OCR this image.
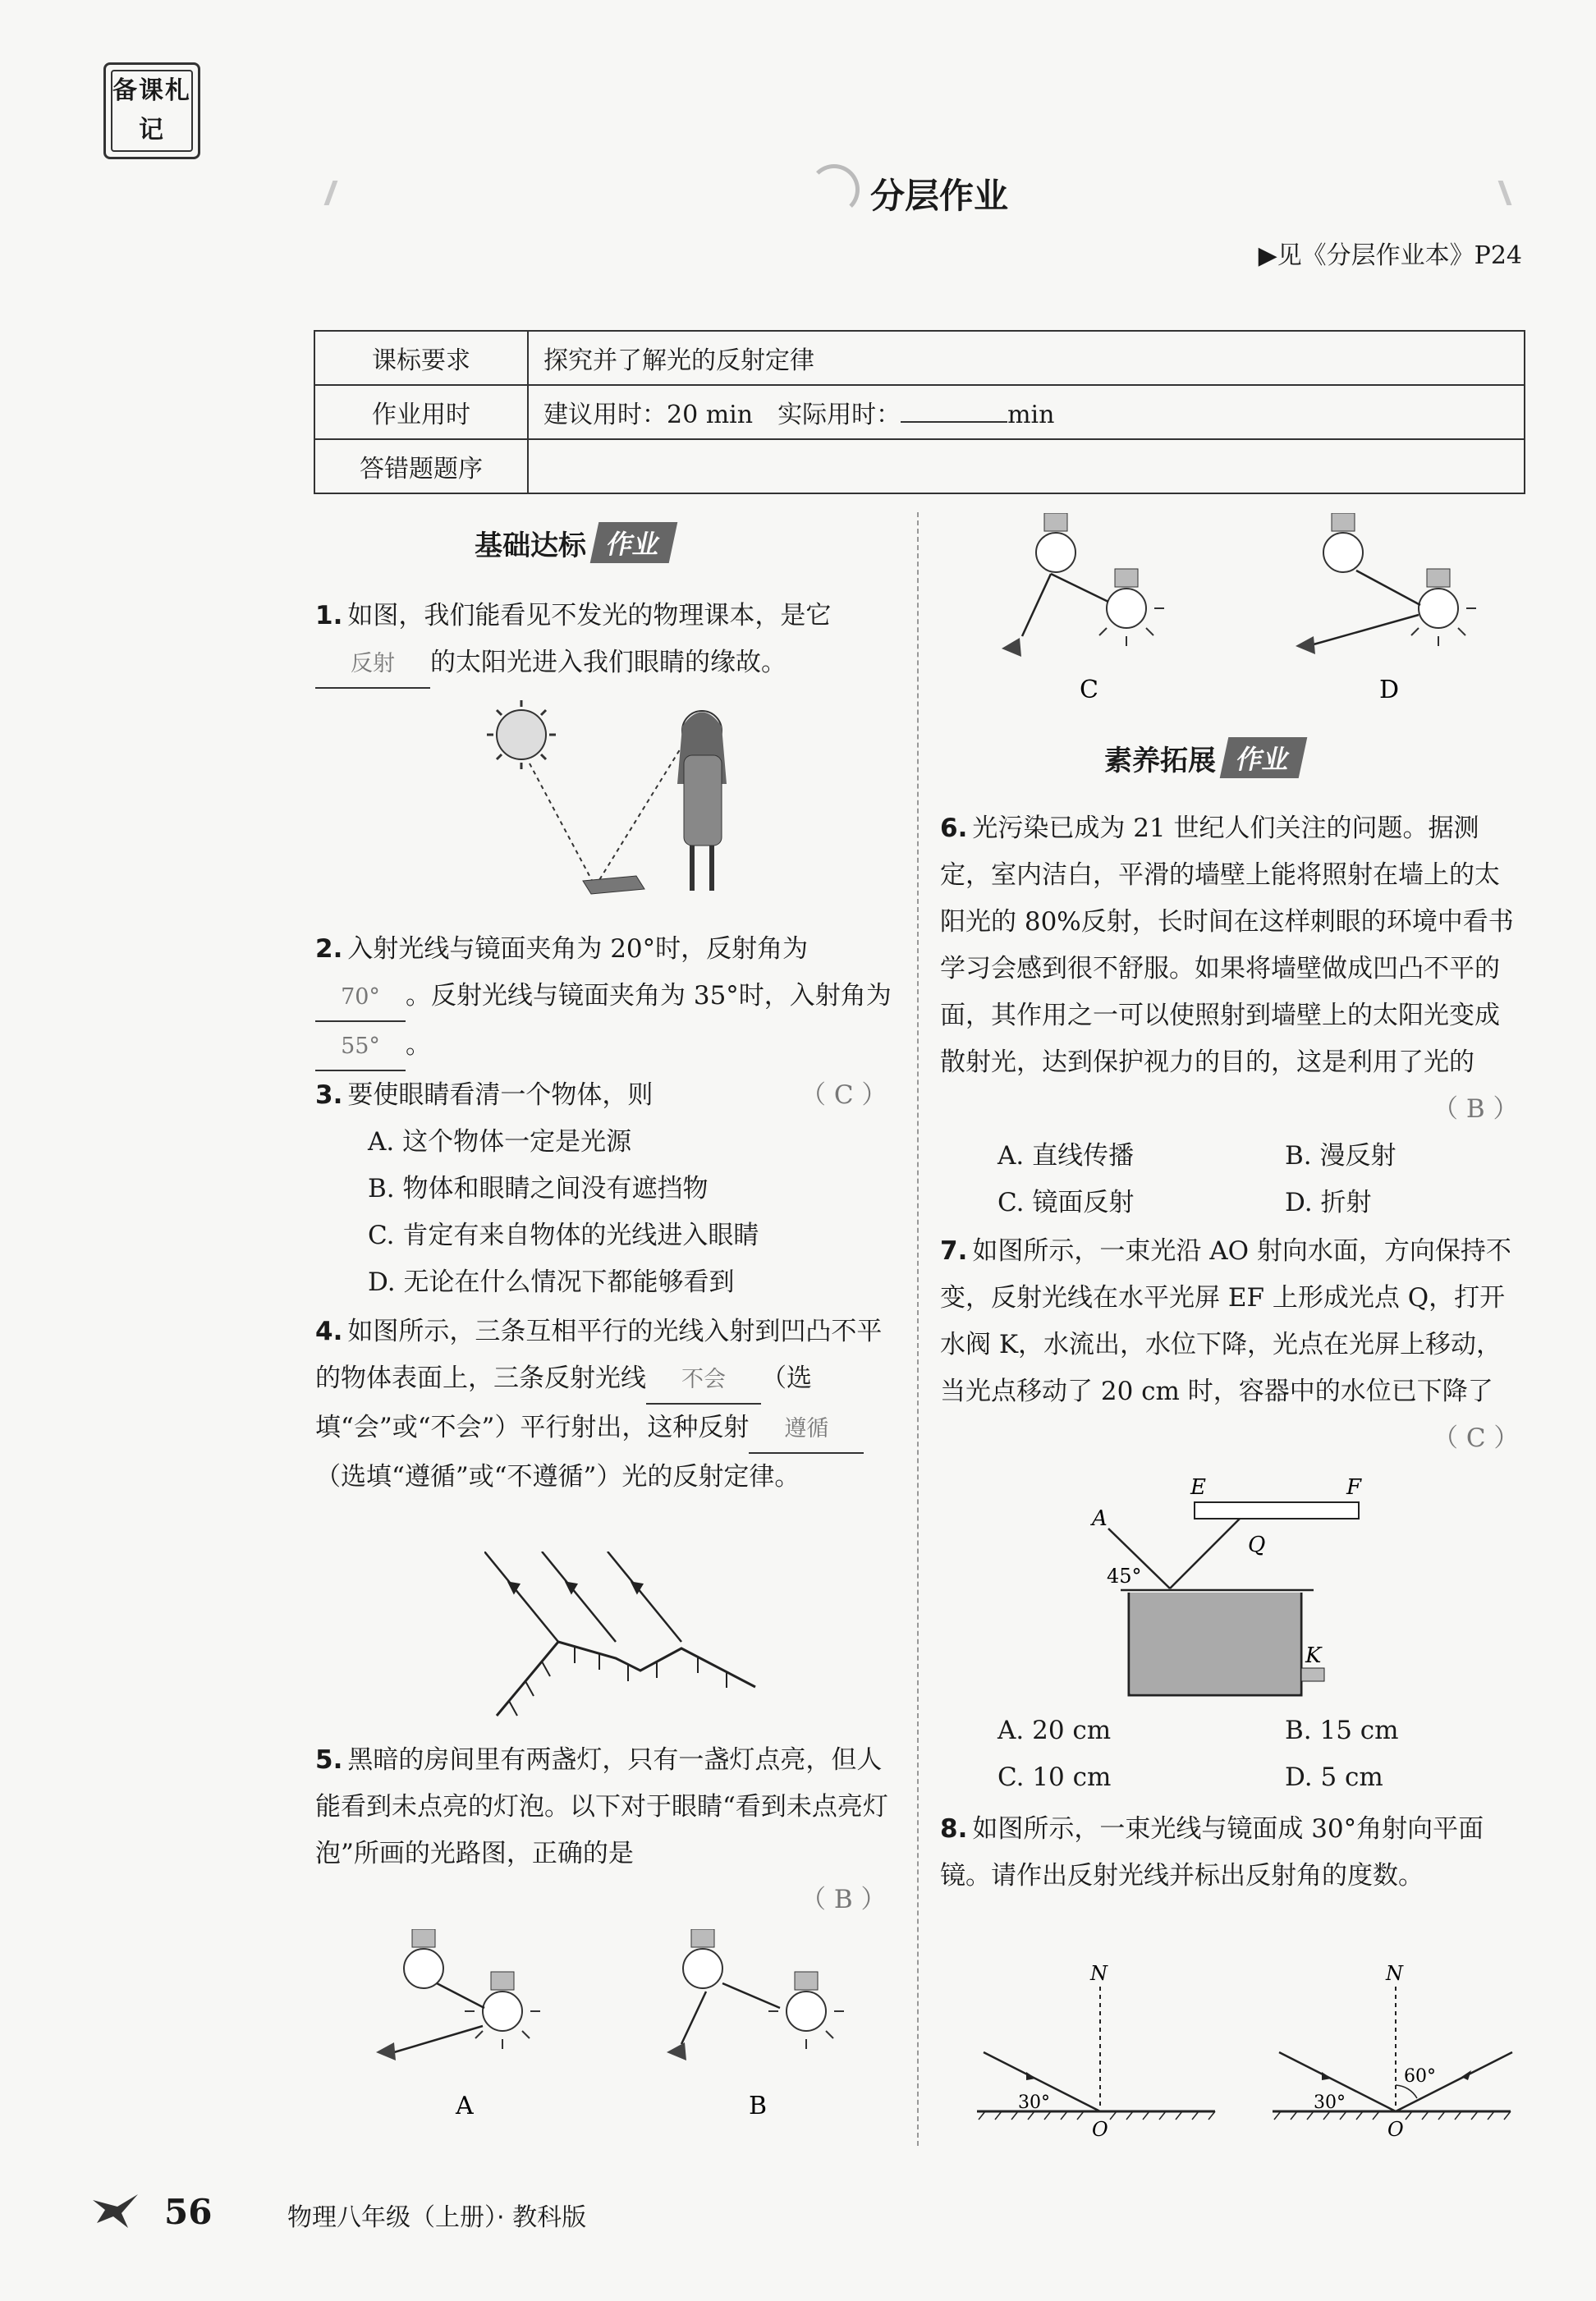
备 课 札
记
分层作业
▶见《分层作业本》P24
课标要求	探究并了解光的反射定律
作业用时	建议用时：20 min　实际用时： min
答错题题序	
基础达标 作业
1. 如图，我们能看见不发光的物理课本，是它反射 的太阳光进入我们眼睛的缘故。
2. 入射光线与镜面夹角为 20°时，反射角为70° 。反射光线与镜面夹角为 35°时，入射角为55° 。
3. 要使眼睛看清一个物体，则	（ C ）
A. 这个物体一定是光源
B. 物体和眼睛之间没有遮挡物
C. 肯定有来自物体的光线进入眼睛
D. 无论在什么情况下都能够看到
4. 如图所示，三条互相平行的光线入射到凹凸不平的物体表面上，三条反射光线 不会 （选填“会”或“不会”）平行射出，这种反射 遵循（选填“遵循”或“不遵循”）光的反射定律。
5. 黑暗的房间里有两盏灯，只有一盏灯点亮，但人能看到未点亮的灯泡。以下对于眼睛“看到未点亮灯泡”所画的光路图，正确的是
（ B ）
A	B
C	D
素养拓展 作业
6. 光污染已成为 21 世纪人们关注的问题。据测定，室内洁白，平滑的墙壁上能将照射在墙上的太阳光的 80%反射，长时间在这样刺眼的环境中看书学习会感到很不舒服。如果将墙壁做成凹凸不平的面，其作用之一可以使照射到墙壁上的太阳光变成散射光，达到保护视力的目的，这是利用了光的
（ B ）
A. 直线传播	B. 漫反射
C. 镜面反射	D. 折射
7. 如图所示，一束光沿 AO 射向水面，方向保持不变，反射光线在水平光屏 EF 上形成光点 Q，打开水阀 K，水流出，水位下降，光点在光屏上移动，当光点移动了 20 cm 时，容器中的水位已下降了
（ C ）
E	F
A
Q
45°
K
A. 20 cm	B. 15 cm
C. 10 cm	D. 5 cm
8. 如图所示，一束光线与镜面成 30°角射向平面镜。请作出反射光线并标出反射角的度数。
N
30°
O
N
60°
30°
O
56	物理八年级（上册）· 教科版
